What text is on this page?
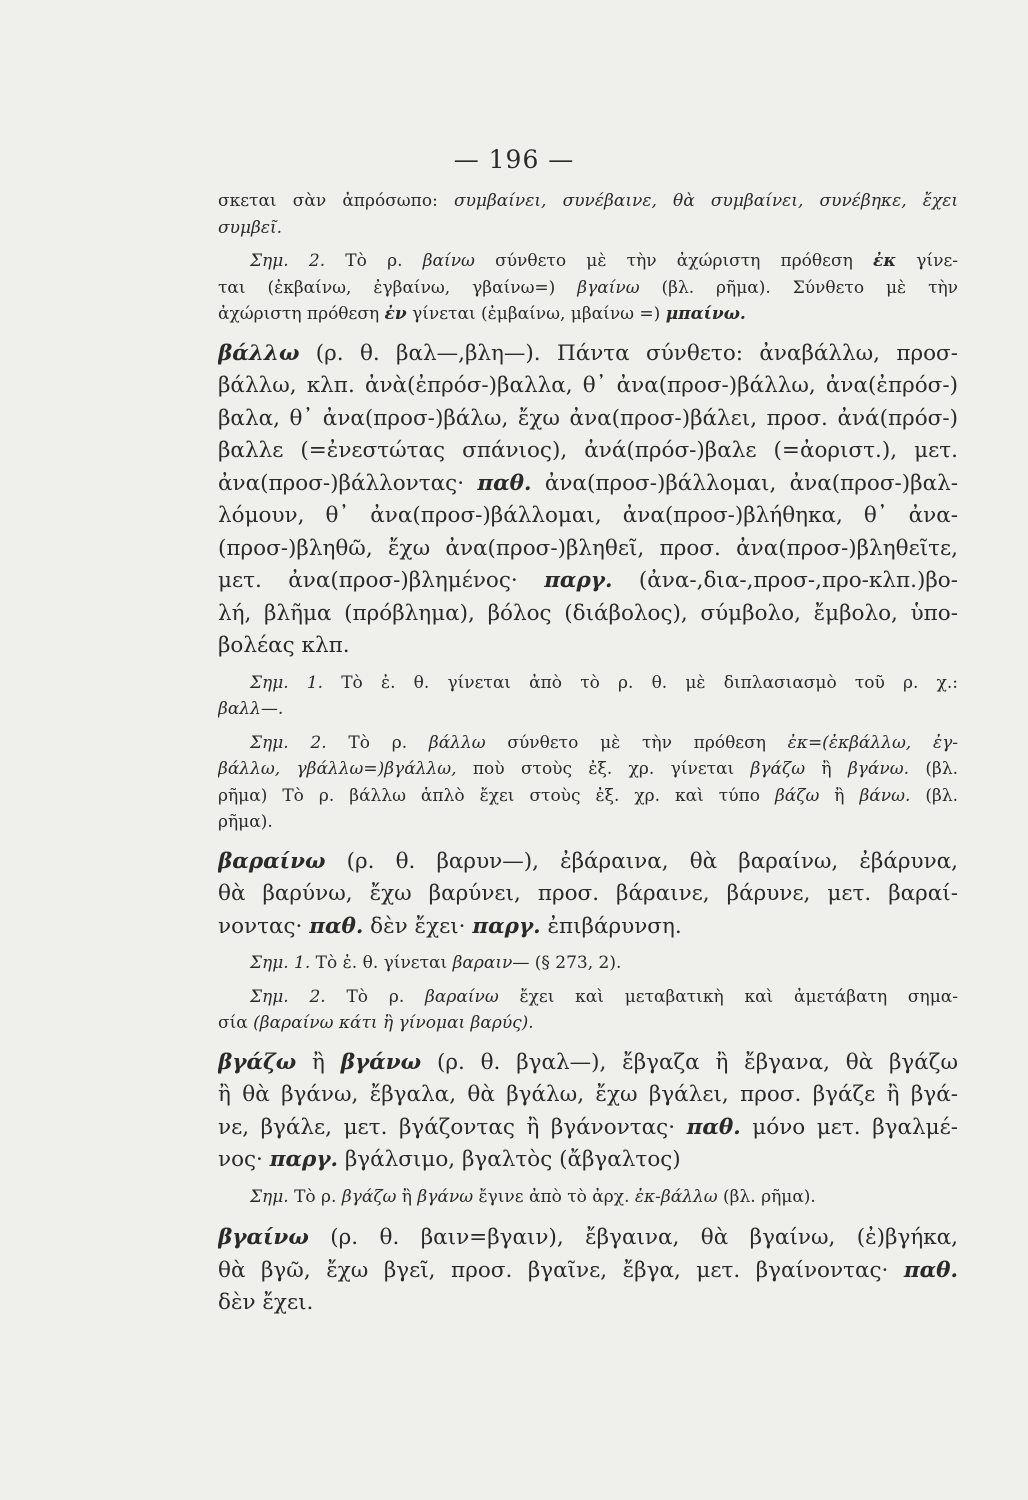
— 196 —
σκεται σὰν ἀπρόσωπο: συμβαίνει, συνέβαινε, θὰ συμβαίνει, συνέβηκε, ἔχει
συμβεῖ.
Σημ. 2. Τὸ ρ. βαίνω σύνθετο μὲ τὴν ἀχώριστη πρόθεση ἐκ γίνε-
ται (ἐκβαίνω, ἐγβαίνω, γβαίνω=) βγαίνω (βλ. ρῆμα). Σύνθετο μὲ τὴν
ἀχώριστη πρόθεση ἐν γίνεται (ἐμβαίνω, μβαίνω =) μπαίνω.
βάλλω (ρ. θ. βαλ—,βλη—). Πάντα σύνθετο: ἀναβάλλω, προσ-
βάλλω, κλπ. ἀνὰ(ἐπρόσ-)βαλλα, θ᾿ ἀνα(προσ-)βάλλω, ἀνα(ἐπρόσ-)
βαλα, θ᾿ ἀνα(προσ-)βάλω, ἔχω ἀνα(προσ-)βάλει, προσ. ἀνά(πρόσ-)
βαλλε (=ἐνεστώτας σπάνιος), ἀνά(πρόσ-)βαλε (=ἀοριστ.), μετ.
ἀνα(προσ-)βάλλοντας· παθ. ἀνα(προσ-)βάλλομαι, ἀνα(προσ-)βαλ-
λόμουν, θ᾿ ἀνα(προσ-)βάλλομαι, ἀνα(προσ-)βλήθηκα, θ᾿ ἀνα-
(προσ-)βληθῶ, ἔχω ἀνα(προσ-)βληθεῖ, προσ. ἀνα(προσ-)βληθεῖτε,
μετ. ἀνα(προσ-)βλημένος· παργ. (ἀνα-,δια-,προσ-,προ-κλπ.)βο-
λή, βλῆμα (πρόβλημα), βόλος (διάβολος), σύμβολο, ἔμβολο, ὑπο-
βολέας κλπ.
Σημ. 1. Τὸ ἐ. θ. γίνεται ἀπὸ τὸ ρ. θ. μὲ διπλασιασμὸ τοῦ ρ. χ.:
βαλλ—.
Σημ. 2. Τὸ ρ. βάλλω σύνθετο μὲ τὴν πρόθεση ἐκ=(ἐκβάλλω, ἐγ-
βάλλω, γβάλλω=)βγάλλω, ποὺ στοὺς ἐξ. χρ. γίνεται βγάζω ἢ βγάνω. (βλ.
ρῆμα) Τὸ ρ. βάλλω ἁπλὸ ἔχει στοὺς ἐξ. χρ. καὶ τύπο βάζω ἢ βάνω. (βλ.
ρῆμα).
βαραίνω (ρ. θ. βαρυν—), ἐβάραινα, θὰ βαραίνω, ἐβάρυνα,
θὰ βαρύνω, ἔχω βαρύνει, προσ. βάραινε, βάρυνε, μετ. βαραί-
νοντας· παθ. δὲν ἔχει· παργ. ἐπιβάρυνση.
Σημ. 1. Τὸ ἐ. θ. γίνεται βαραιν— (§ 273, 2).
Σημ. 2. Τὸ ρ. βαραίνω ἔχει καὶ μεταβατικὴ καὶ ἀμετάβατη σημα-
σία (βαραίνω κάτι ἢ γίνομαι βαρύς).
βγάζω ἢ βγάνω (ρ. θ. βγαλ—), ἔβγαζα ἢ ἔβγανα, θὰ βγάζω
ἢ θὰ βγάνω, ἔβγαλα, θὰ βγάλω, ἔχω βγάλει, προσ. βγάζε ἢ βγά-
νε, βγάλε, μετ. βγάζοντας ἢ βγάνοντας· παθ. μόνο μετ. βγαλμέ-
νος· παργ. βγάλσιμο, βγαλτὸς (ἄβγαλτος)
Σημ. Τὸ ρ. βγάζω ἢ βγάνω ἔγινε ἀπὸ τὸ ἀρχ. ἐκ-βάλλω (βλ. ρῆμα).
βγαίνω (ρ. θ. βαιν=βγαιν), ἔβγαινα, θὰ βγαίνω, (ἐ)βγήκα,
θὰ βγῶ, ἔχω βγεῖ, προσ. βγαῖνε, ἔβγα, μετ. βγαίνοντας· παθ.
δὲν ἔχει.
